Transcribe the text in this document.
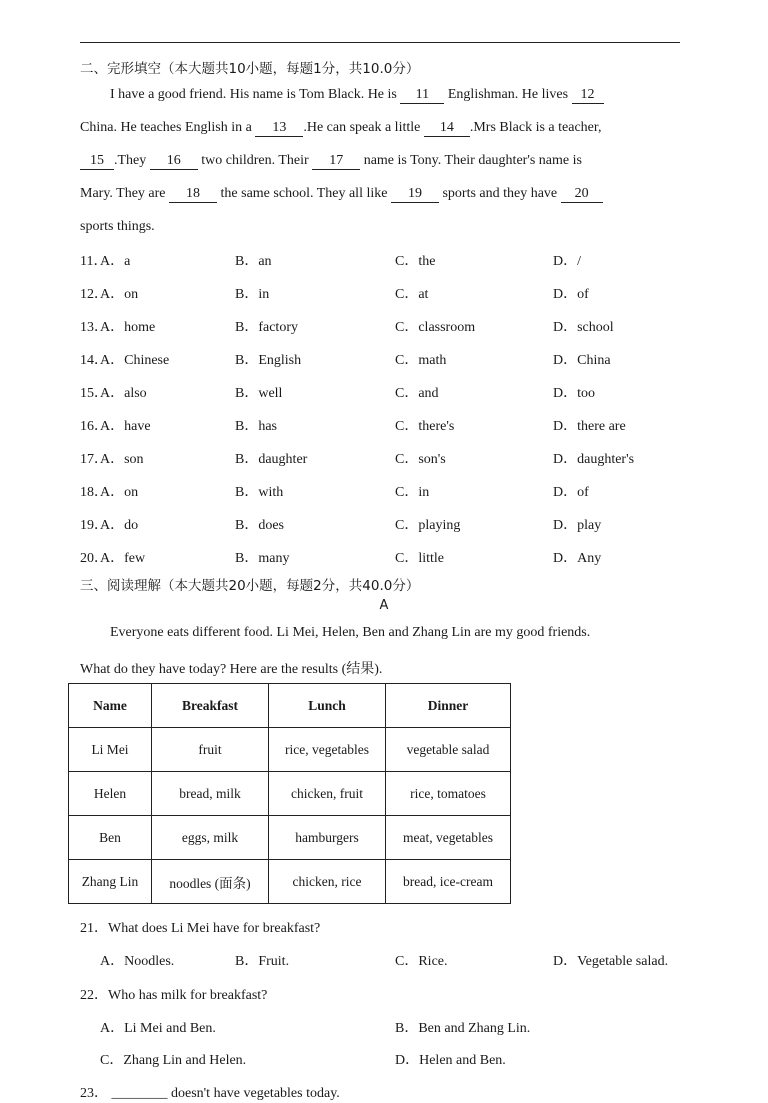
二、完形填空（本大题共10小题，每题1分，共10.0分）
I have a good friend. His name is Tom Black. He is 11 Englishman. He lives 12
China. He teaches English in a 13 .He can speak a little 14 .Mrs Black is a teacher,
15 .They 16 two children. Their 17 name is Tony. Their daughter's name is
Mary. They are 18 the same school. They all like 19 sports and they have 20
sports things.
11．
A．a	B．an	C．the	D．/
12．
A．on	B．in	C．at	D．of
13．
A．home	B．factory	C．classroom	D．school
14．
A．Chinese	B．English	C．math	D．China
15．
A．also	B．well	C．and	D．too
16．
A．have	B．has	C．there's	D．there are
17．
A．son	B．daughter	C．son's	D．daughter's
18．
A．on	B．with	C．in	D．of
19．
A．do	B．does	C．playing	D．play
20．
A．few	B．many	C．little	D．Any
三、阅读理解（本大题共20小题，每题2分，共40.0分）
A
Everyone eats different food. Li Mei, Helen, Ben and Zhang Lin are my good friends.
What do they have today? Here are the results (结果).
Name	Breakfast	Lunch	Dinner
Li Mei	fruit	rice, vegetables	vegetable salad
Helen	bread, milk	chicken, fruit	rice, tomatoes
Ben	eggs, milk	hamburgers	meat, vegetables
Zhang Lin	noodles (面条)	chicken, rice	bread, ice-cream
21．What does Li Mei have for breakfast?
A．Noodles.	B．Fruit.	C．Rice.	D．Vegetable salad.
22．Who has milk for breakfast?
A．Li Mei and Ben.	B．Ben and Zhang Lin.
C．Zhang Lin and Helen.	D．Helen and Ben.
23． ________ doesn't have vegetables today.
